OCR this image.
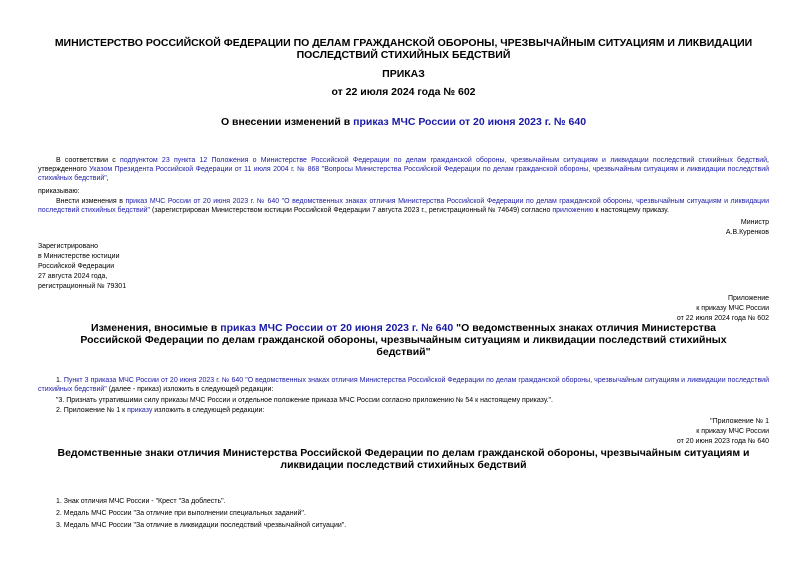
МИНИСТЕРСТВО РОССИЙСКОЙ ФЕДЕРАЦИИ ПО ДЕЛАМ ГРАЖДАНСКОЙ ОБОРОНЫ, ЧРЕЗВЫЧАЙНЫМ СИТУАЦИЯМ И ЛИКВИДАЦИИ ПОСЛЕДСТВИЙ СТИХИЙНЫХ БЕДСТВИЙ

ПРИКАЗ

от 22 июля 2024 года № 602

О внесении изменений в приказ МЧС России от 20 июня 2023 г. № 640

В соответствии с подпунктом 23 пункта 12 Положения о Министерстве Российской Федерации по делам гражданской обороны, чрезвычайным ситуациям и ликвидации последствий стихийных бедствий, утвержденного Указом Президента Российской Федерации от 11 июля 2004 г. № 868 "Вопросы Министерства Российской Федерации по делам гражданской обороны, чрезвычайным ситуациям и ликвидации последствий стихийных бедствий",

приказываю:

Внести изменения в приказ МЧС России от 20 июня 2023 г. № 640 "О ведомственных знаках отличия Министерства Российской Федерации по делам гражданской обороны, чрезвычайным ситуациям и ликвидации последствий стихийных бедствий" (зарегистрирован Министерством юстиции Российской Федерации 7 августа 2023 г., регистрационный № 74649) согласно приложению к настоящему приказу.

Министр

А.В.Куренков

Зарегистрировано
в Министерстве юстиции
Российской Федерации
27 августа 2024 года,
регистрационный № 79301
Приложение
к приказу МЧС России
от 22 июля 2024 года № 602

Изменения, вносимые в приказ МЧС России от 20 июня 2023 г. № 640 "О ведомственных знаках отличия Министерства Российской Федерации по делам гражданской обороны, чрезвычайным ситуациям и ликвидации последствий стихийных бедствий"

1. Пункт 3 приказа МЧС России от 20 июня 2023 г. № 640 "О ведомственных знаках отличия Министерства Российской Федерации по делам гражданской обороны, чрезвычайным ситуациям и ликвидации последствий стихийных бедствий" (далее - приказ) изложить в следующей редакции:

"3. Признать утратившими силу приказы МЧС России и отдельное положение приказа МЧС России согласно приложению № 54 к настоящему приказу.".

2. Приложение № 1 к приказу изложить в следующей редакции:

"Приложение № 1
к приказу МЧС России
от 20 июня 2023 года № 640

Ведомственные знаки отличия Министерства Российской Федерации по делам гражданской обороны, чрезвычайным ситуациям и ликвидации последствий стихийных бедствий

1. Знак отличия МЧС России - "Крест "За доблесть".

2. Медаль МЧС России "За отличие при выполнении специальных заданий".

3. Медаль МЧС России "За отличие в ликвидации последствий чрезвычайной ситуации".
